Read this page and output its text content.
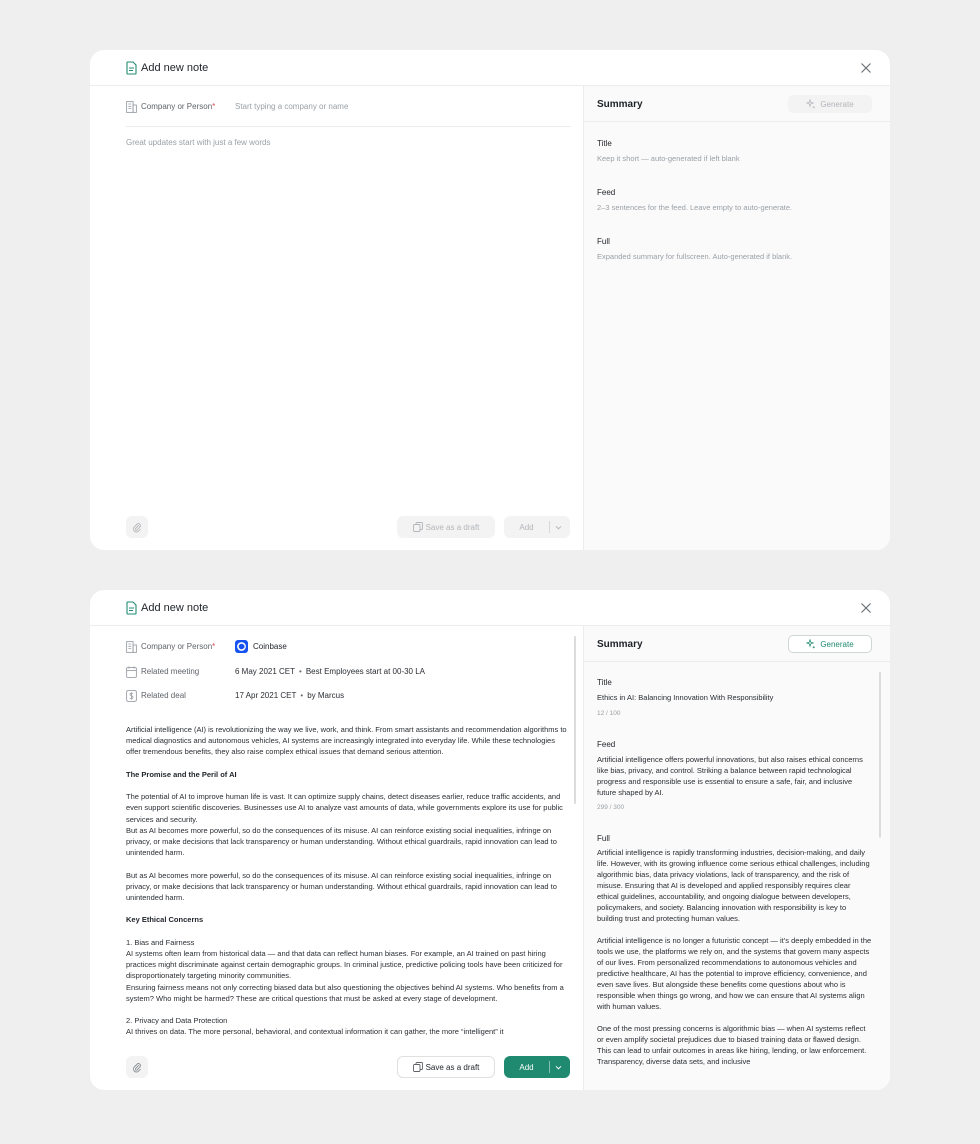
Add new note
Company or Person* Start typing a company or name
Great updates start with just a few words
Save as a draft	Add
Summary	Generate
Title
Keep it short — auto-generated if left blank
Feed
2–3 sentences for the feed. Leave empty to auto-generate.
Full
Expanded summary for fullscreen. Auto-generated if blank.
Add new note
Company or Person*	Coinbase
Related meeting	6 May 2021 CET • Best Employees start at 00-30 LA
Related deal	17 Apr 2021 CET • by Marcus

Artificial intelligence (AI) is revolutionizing the way we live, work, and think. From smart assistants and recommendation algorithms to medical diagnostics and autonomous vehicles, AI systems are increasingly integrated into everyday life. While these technologies offer tremendous benefits, they also raise complex ethical issues that demand serious attention.

The Promise and the Peril of AI

The potential of AI to improve human life is vast. It can optimize supply chains, detect diseases earlier, reduce traffic accidents, and even support scientific discoveries. Businesses use AI to analyze vast amounts of data, while governments explore its use for public services and security.

But as AI becomes more powerful, so do the consequences of its misuse. AI can reinforce existing social inequalities, infringe on privacy, or make decisions that lack transparency or human understanding. Without ethical guardrails, rapid innovation can lead to unintended harm.

But as AI becomes more powerful, so do the consequences of its misuse. AI can reinforce existing social inequalities, infringe on privacy, or make decisions that lack transparency or human understanding. Without ethical guardrails, rapid innovation can lead to unintended harm.

Key Ethical Concerns

1. Bias and Fairness

AI systems often learn from historical data — and that data can reflect human biases. For example, an AI trained on past hiring practices might discriminate against certain demographic groups. In criminal justice, predictive policing tools have been criticized for disproportionately targeting minority communities.

Ensuring fairness means not only correcting biased data but also questioning the objectives behind AI systems. Who benefits from a system? Who might be harmed? These are critical questions that must be asked at every stage of development.

2. Privacy and Data Protection

AI thrives on data. The more personal, behavioral, and contextual information it can gather, the more “intelligent” it

Save as a draft	Add
Summary	Generate
Title
Ethics in AI: Balancing Innovation With Responsibility
12 / 100
Feed
Artificial intelligence offers powerful innovations, but also raises ethical concerns like bias, privacy, and control. Striking a balance between rapid technological progress and responsible use is essential to ensure a safe, fair, and inclusive future shaped by AI.
299 / 300
Full

Artificial intelligence is rapidly transforming industries, decision-making, and daily life. However, with its growing influence come serious ethical challenges, including algorithmic bias, data privacy violations, lack of transparency, and the risk of misuse. Ensuring that AI is developed and applied responsibly requires clear ethical guidelines, accountability, and ongoing dialogue between developers, policymakers, and society. Balancing innovation with responsibility is key to building trust and protecting human values.

Artificial intelligence is no longer a futuristic concept — it’s deeply embedded in the tools we use, the platforms we rely on, and the systems that govern many aspects of our lives. From personalized recommendations to autonomous vehicles and predictive healthcare, AI has the potential to improve efficiency, convenience, and even save lives. But alongside these benefits come questions about who is responsible when things go wrong, and how we can ensure that AI systems align with human values.

One of the most pressing concerns is algorithmic bias — when AI systems reflect or even amplify societal prejudices due to biased training data or flawed design. This can lead to unfair outcomes in areas like hiring, lending, or law enforcement. Transparency, diverse data sets, and inclusive
